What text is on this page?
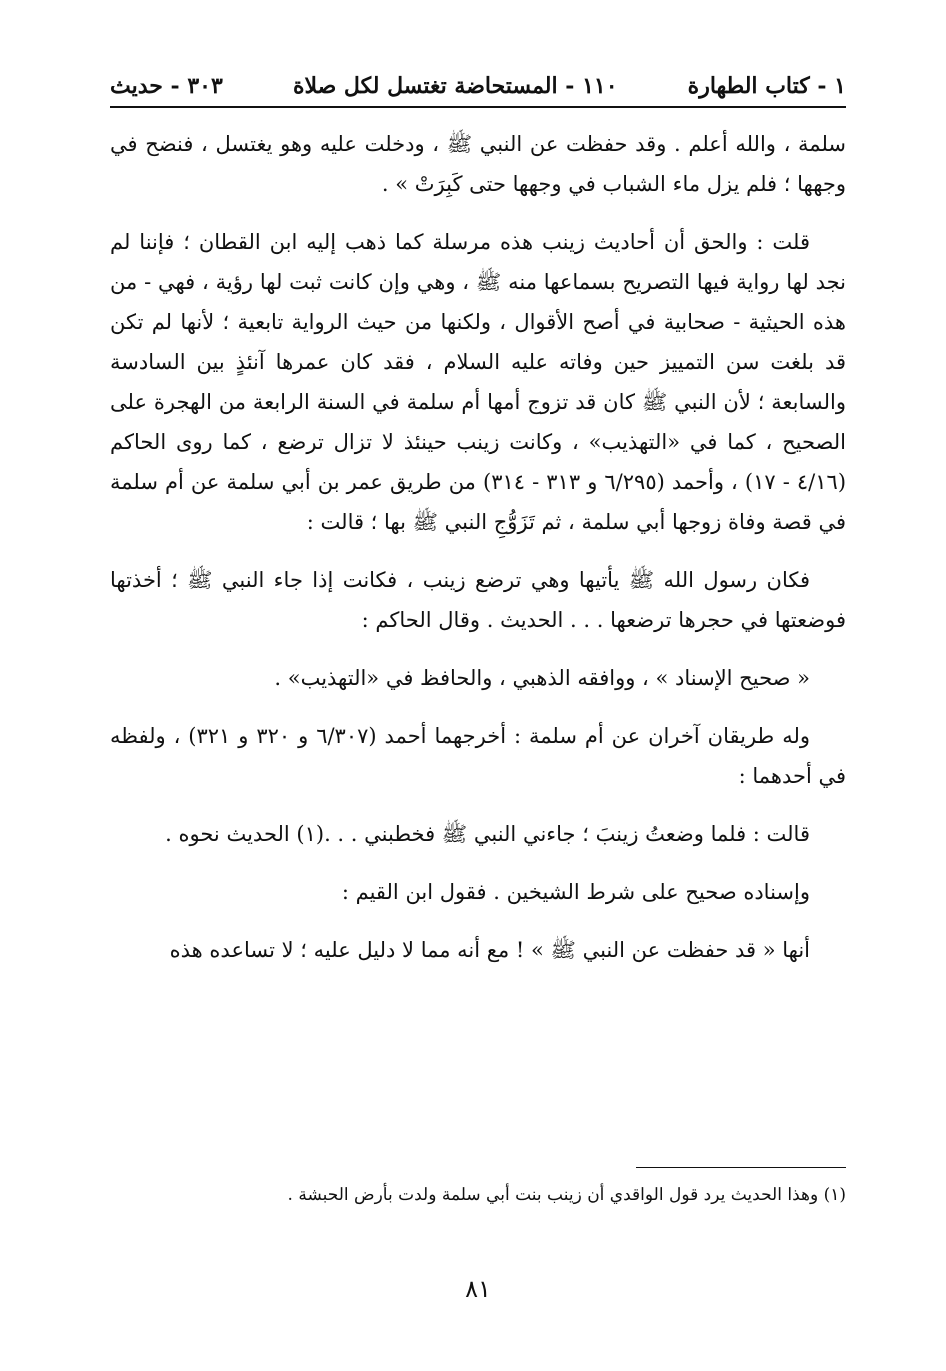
١ - كتاب الطهارة
١١٠ - المستحاضة تغتسل لكل صلاة
٣٠٣ - حديث

سلمة ، والله أعلم . وقد حفظت عن النبي ﷺ ، ودخلت عليه وهو يغتسل ، فنضح في وجهها ؛ فلم يزل ماء الشباب في وجهها حتى كَبِرَتْ » .

قلت : والحق أن أحاديث زينب هذه مرسلة كما ذهب إليه ابن القطان ؛ فإننا لم نجد لها رواية فيها التصريح بسماعها منه ﷺ ، وهي وإن كانت ثبت لها رؤية ، فهي - من هذه الحيثية - صحابية في أصح الأقوال ، ولكنها من حيث الرواية تابعية ؛ لأنها لم تكن قد بلغت سن التمييز حين وفاته عليه السلام ، فقد كان عمرها آنئذٍ بين السادسة والسابعة ؛ لأن النبي ﷺ كان قد تزوج أمها أم سلمة في السنة الرابعة من الهجرة على الصحيح ، كما في «التهذيب» ، وكانت زينب حينئذ لا تزال ترضع ، كما روى الحاكم (٤/١٦ - ١٧) ، وأحمد (٦/٢٩٥ و ٣١٣ - ٣١٤) من طريق عمر بن أبي سلمة عن أم سلمة في قصة وفاة زوجها أبي سلمة ، ثم تَزَوُّجِ النبي ﷺ بها ؛ قالت :

فكان رسول الله ﷺ يأتيها وهي ترضع زينب ، فكانت إذا جاء النبي ﷺ ؛ أخذتها فوضعتها في حجرها ترضعها . . . الحديث . وقال الحاكم :

« صحيح الإسناد » ، ووافقه الذهبي ، والحافظ في «التهذيب» .

وله طريقان آخران عن أم سلمة : أخرجهما أحمد (٦/٣٠٧ و ٣٢٠ و ٣٢١) ، ولفظه في أحدهما :

قالت : فلما وضعتُ زينبَ ؛ جاءني النبي ﷺ فخطبني . . .(١) الحديث نحوه .

وإسناده صحيح على شرط الشيخين . فقول ابن القيم :

أنها « قد حفظت عن النبي ﷺ » ! مع أنه مما لا دليل عليه ؛ لا تساعده هذه

(١) وهذا الحديث يرد قول الواقدي أن زينب بنت أبي سلمة ولدت بأرض الحبشة .
٨١
